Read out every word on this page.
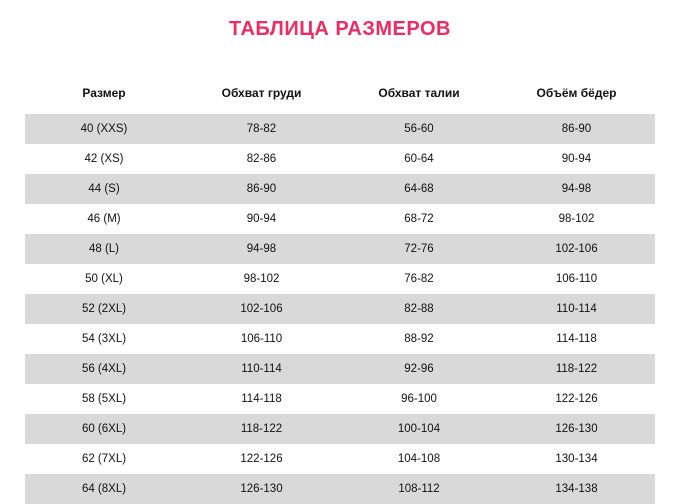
ТАБЛИЦА РАЗМЕРОВ
Размер	Обхват груди	Обхват талии	Объём бёдер
40 (XXS)	78-82	56-60	86-90
42 (XS)	82-86	60-64	90-94
44 (S)	86-90	64-68	94-98
46 (M)	90-94	68-72	98-102
48 (L)	94-98	72-76	102-106
50 (XL)	98-102	76-82	106-110
52 (2XL)	102-106	82-88	110-114
54 (3XL)	106-110	88-92	114-118
56 (4XL)	110-114	92-96	118-122
58 (5XL)	114-118	96-100	122-126
60 (6XL)	118-122	100-104	126-130
62 (7XL)	122-126	104-108	130-134
64 (8XL)	126-130	108-112	134-138
